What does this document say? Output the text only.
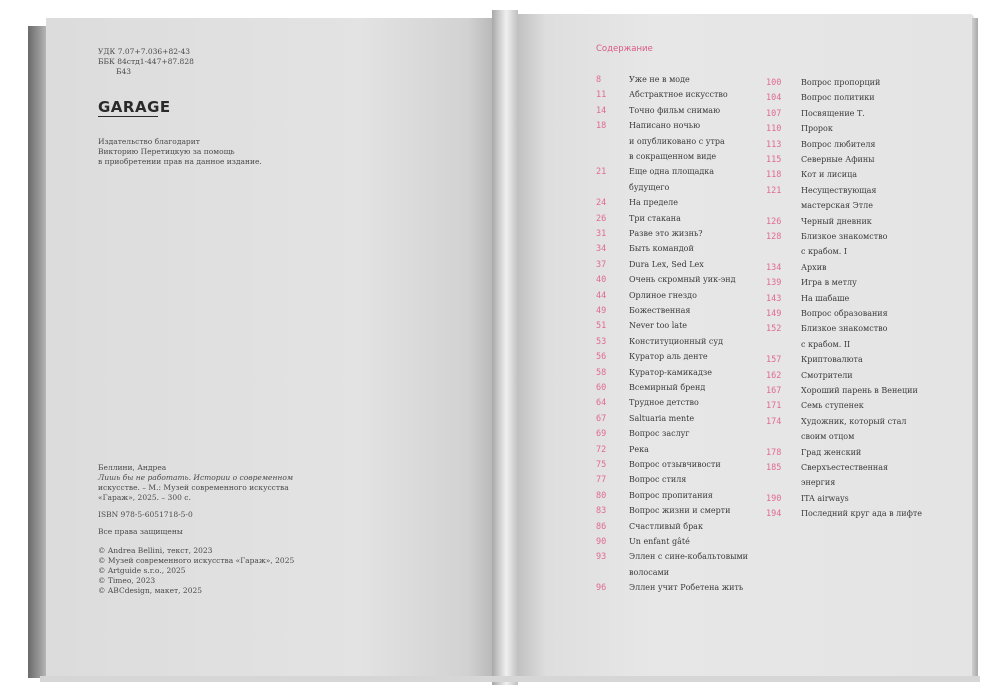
УДК 7.07+7.036+82-43
ББК 84стд1-447+87.828
Б43
GARAGE
Издательство благодарит
Викторию Перетицкую за помощь
в приобретении прав на данное издание.
Беллини, Андреа
Лишь бы не работать. Истории о современном
искусстве. – М.: Музей современного искусства
«Гараж», 2025. – 300 с.
ISBN 978-5-6051718-5-0
Все права защищены
© Andrea Bellini, текст, 2023
© Музей современного искусства «Гараж», 2025
© Artguide s.r.o., 2025
© Timeo, 2023
© ABCdesign, макет, 2025
Содержание
8	Уже не в моде
11	Абстрактное искусство
14	Точно фильм снимаю
18	Написано ночью
и опубликовано с утра
в сокращенном виде
21	Еще одна площадка
будущего
24	На пределе
26	Три стакана
31	Разве это жизнь?
34	Быть командой
37	Dura Lex, Sed Lex
40	Очень скромный уик-энд
44	Орлиное гнездо
49	Божественная
51	Never too late
53	Конституционный суд
56	Куратор аль денте
58	Куратор-камикадзе
60	Всемирный бренд
64	Трудное детство
67	Saltuaria mente
69	Вопрос заслуг
72	Река
75	Вопрос отзывчивости
77	Вопрос стиля
80	Вопрос пропитания
83	Вопрос жизни и смерти
86	Счастливый брак
90	Un enfant gâté
93	Эллен с сине-кобальтовыми
волосами
96	Эллен учит Робетена жить
100 Вопрос пропорций
104 Вопрос политики
107 Посвящение Т.
110 Пророк
113 Вопрос любителя
115 Северные Афины
118 Кот и лисица
121 Несуществующая
мастерская Этле
126 Черный дневник
128 Близкое знакомство
с крабом. I
134 Архив
139 Игра в метлу
143 На шабаше
149 Вопрос образования
152 Близкое знакомство
с крабом. II
157 Криптовалюта
162 Смотрители
167 Хороший парень в Венеции
171 Семь ступенек
174 Художник, который стал
своим отцом
178 Град женский
185 Сверхъестественная
энергия
190 ITA airways
194 Последний круг ада в лифте
